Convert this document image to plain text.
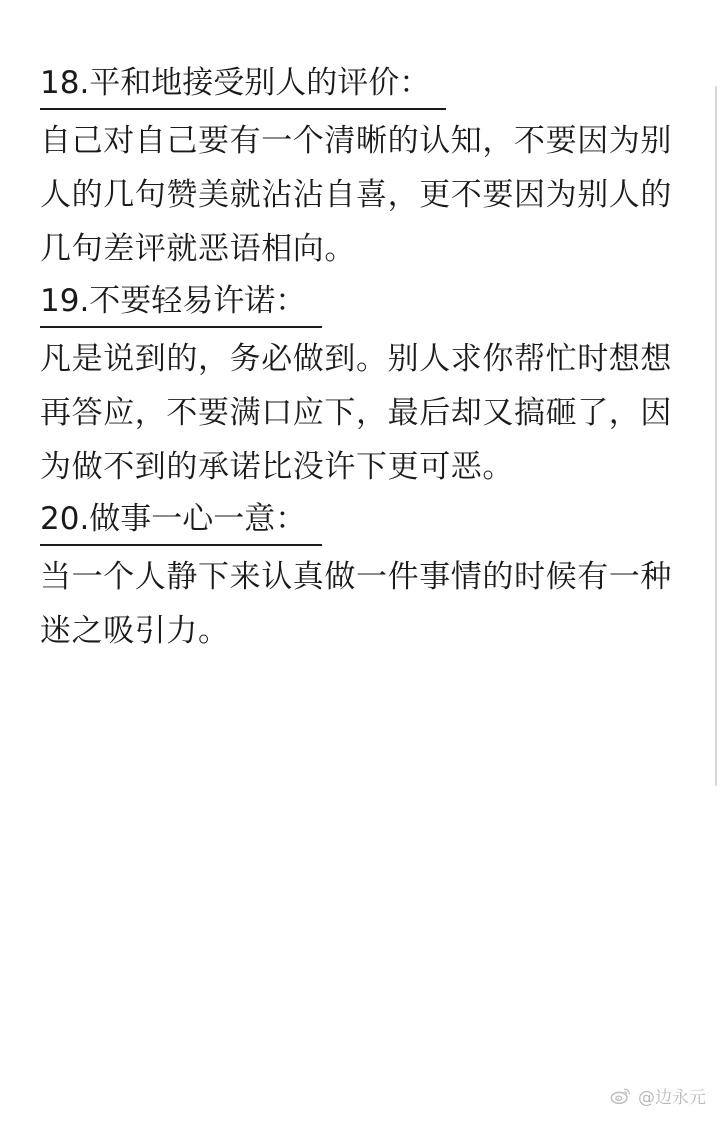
18.平和地接受别人的评价：

自己对自己要有一个清晰的认知，不要因为别人的几句赞美就沾沾自喜，更不要因为别人的几句差评就恶语相向。

19.不要轻易许诺：

凡是说到的，务必做到。别人求你帮忙时想想再答应，不要满口应下，最后却又搞砸了，因为做不到的承诺比没许下更可恶。

20.做事一心一意：

当一个人静下来认真做一件事情的时候有一种迷之吸引力。

@边永元
